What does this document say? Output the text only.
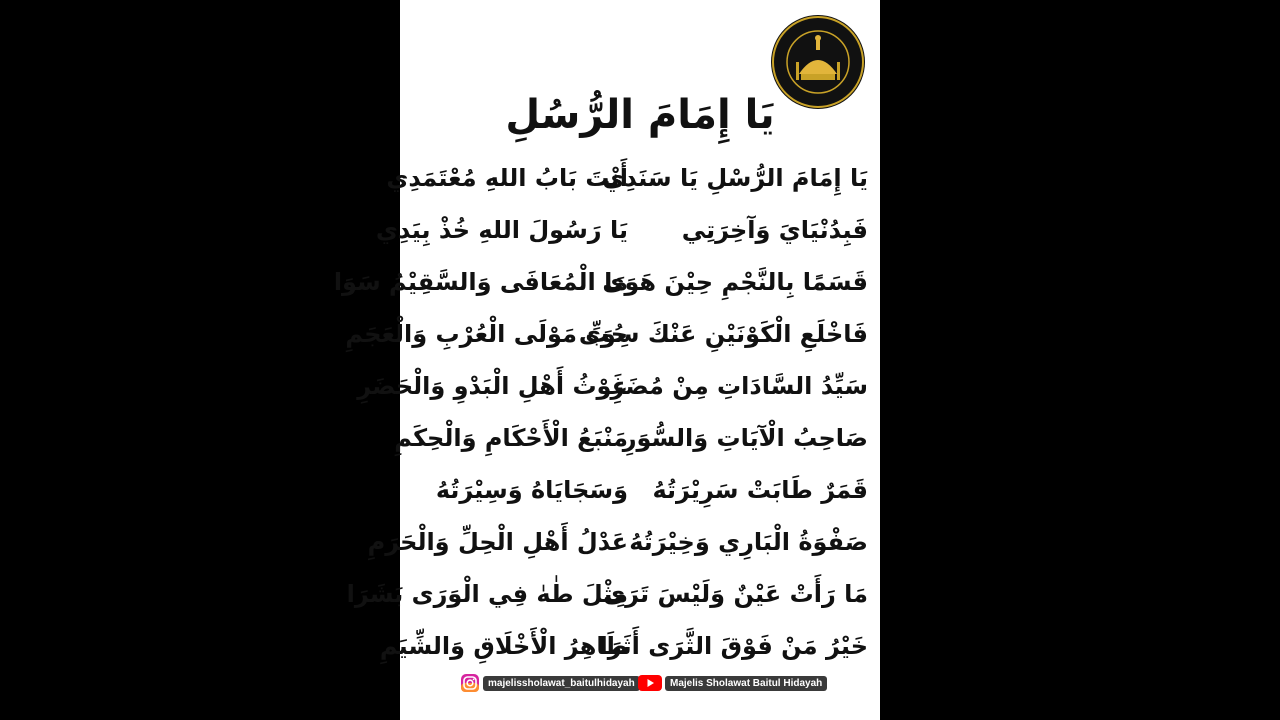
يَا إِمَامَ الرُّسُلِ
يَا إِمَامَ الرُّسْلِ يَا سَنَدِي
أَنْتَ بَابُ اللهِ مُعْتَمَدِي
فَبِدُنْيَايَ وَآخِرَتِي
يَا رَسُولَ اللهِ خُذْ بِيَدِي
قَسَمًا بِالنَّجْمِ حِيْنَ هَوَى
مَا الْمُعَافَى وَالسَّقِيْمُ سَوَا
فَاخْلَعِ الْكَوْنَيْنِ عَنْكَ سِوَى
حُبِّ مَوْلَى الْعُرْبِ وَالْعَجَمِ
سَيِّدُ السَّادَاتِ مِنْ مُضَرِ
غَوْثُ أَهْلِ الْبَدْوِ وَالْحَضَرِ
صَاحِبُ الْآيَاتِ وَالسُّوَرِ
مَنْبَعُ الْأَحْكَامِ وَالْحِكَمِ
قَمَرٌ طَابَتْ سَرِيْرَتُهُ
وَسَجَايَاهُ وَسِيْرَتُهُ
صَفْوَةُ الْبَارِي وَخِيْرَتُهُ
عَدْلُ أَهْلِ الْحِلِّ وَالْحَرَمِ
مَا رَأَتْ عَيْنٌ وَلَيْسَ تَرَى
مِثْلَ طٰهٰ فِي الْوَرَى بَشَرَا
خَيْرُ مَنْ فَوْقَ الثَّرَى أَثَرَا
طَاهِرُ الْأَخْلَاقِ وَالشِّيَمِ
majelissholawat_baitulhidayah	Majelis Sholawat Baitul Hidayah
